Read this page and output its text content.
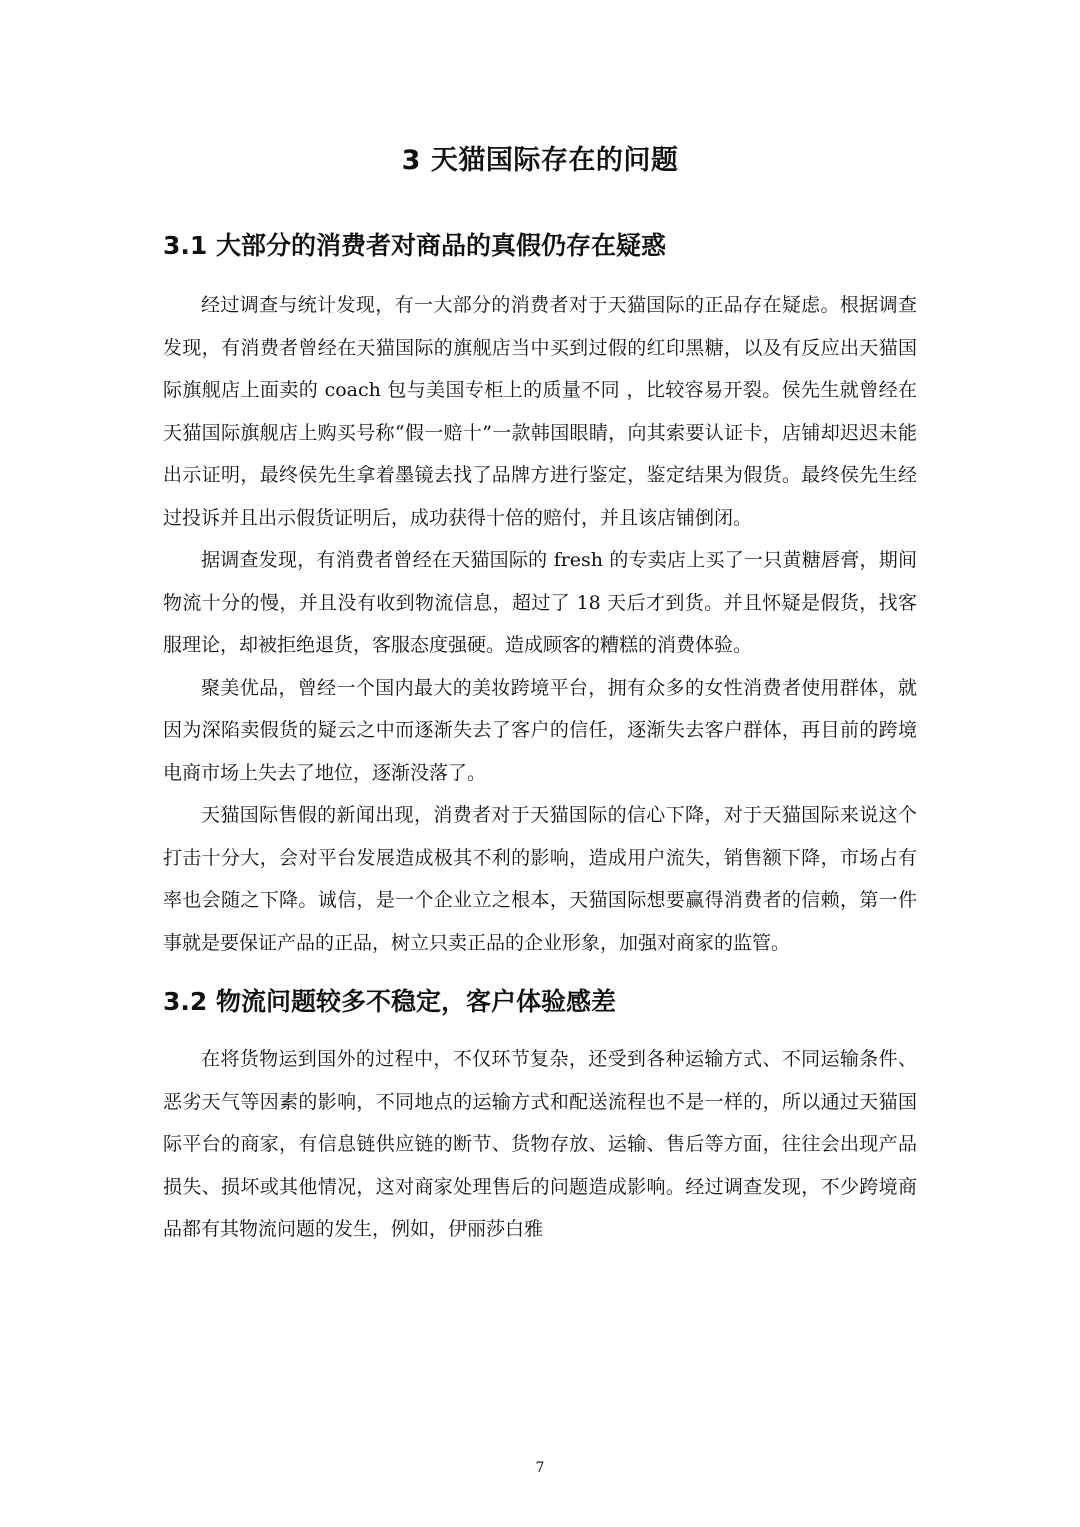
3 天猫国际存在的问题
3.1 大部分的消费者对商品的真假仍存在疑惑

经过调查与统计发现，有一大部分的消费者对于天猫国际的正品存在疑虑。根据调查发现，有消费者曾经在天猫国际的旗舰店当中买到过假的红印黑糖，以及有反应出天猫国际旗舰店上面卖的 coach 包与美国专柜上的质量不同 ，比较容易开裂。侯先生就曾经在天猫国际旗舰店上购买号称“假一赔十”一款韩国眼睛，向其索要认证卡，店铺却迟迟未能出示证明，最终侯先生拿着墨镜去找了品牌方进行鉴定，鉴定结果为假货。最终侯先生经过投诉并且出示假货证明后，成功获得十倍的赔付，并且该店铺倒闭。

据调查发现，有消费者曾经在天猫国际的 fresh 的专卖店上买了一只黄糖唇膏，期间物流十分的慢，并且没有收到物流信息，超过了 18 天后才到货。并且怀疑是假货，找客服理论，却被拒绝退货，客服态度强硬。造成顾客的糟糕的消费体验。

聚美优品，曾经一个国内最大的美妆跨境平台，拥有众多的女性消费者使用群体，就因为深陷卖假货的疑云之中而逐渐失去了客户的信任，逐渐失去客户群体，再目前的跨境电商市场上失去了地位，逐渐没落了。

天猫国际售假的新闻出现，消费者对于天猫国际的信心下降，对于天猫国际来说这个打击十分大，会对平台发展造成极其不利的影响，造成用户流失，销售额下降，市场占有率也会随之下降。诚信，是一个企业立之根本，天猫国际想要赢得消费者的信赖，第一件事就是要保证产品的正品，树立只卖正品的企业形象，加强对商家的监管。

3.2 物流问题较多不稳定，客户体验感差

在将货物运到国外的过程中，不仅环节复杂，还受到各种运输方式、不同运输条件、恶劣天气等因素的影响，不同地点的运输方式和配送流程也不是一样的，所以通过天猫国际平台的商家，有信息链供应链的断节、货物存放、运输、售后等方面，往往会出现产品损失、损坏或其他情况，这对商家处理售后的问题造成影响。经过调查发现，不少跨境商品都有其物流问题的发生，例如，伊丽莎白雅

7
